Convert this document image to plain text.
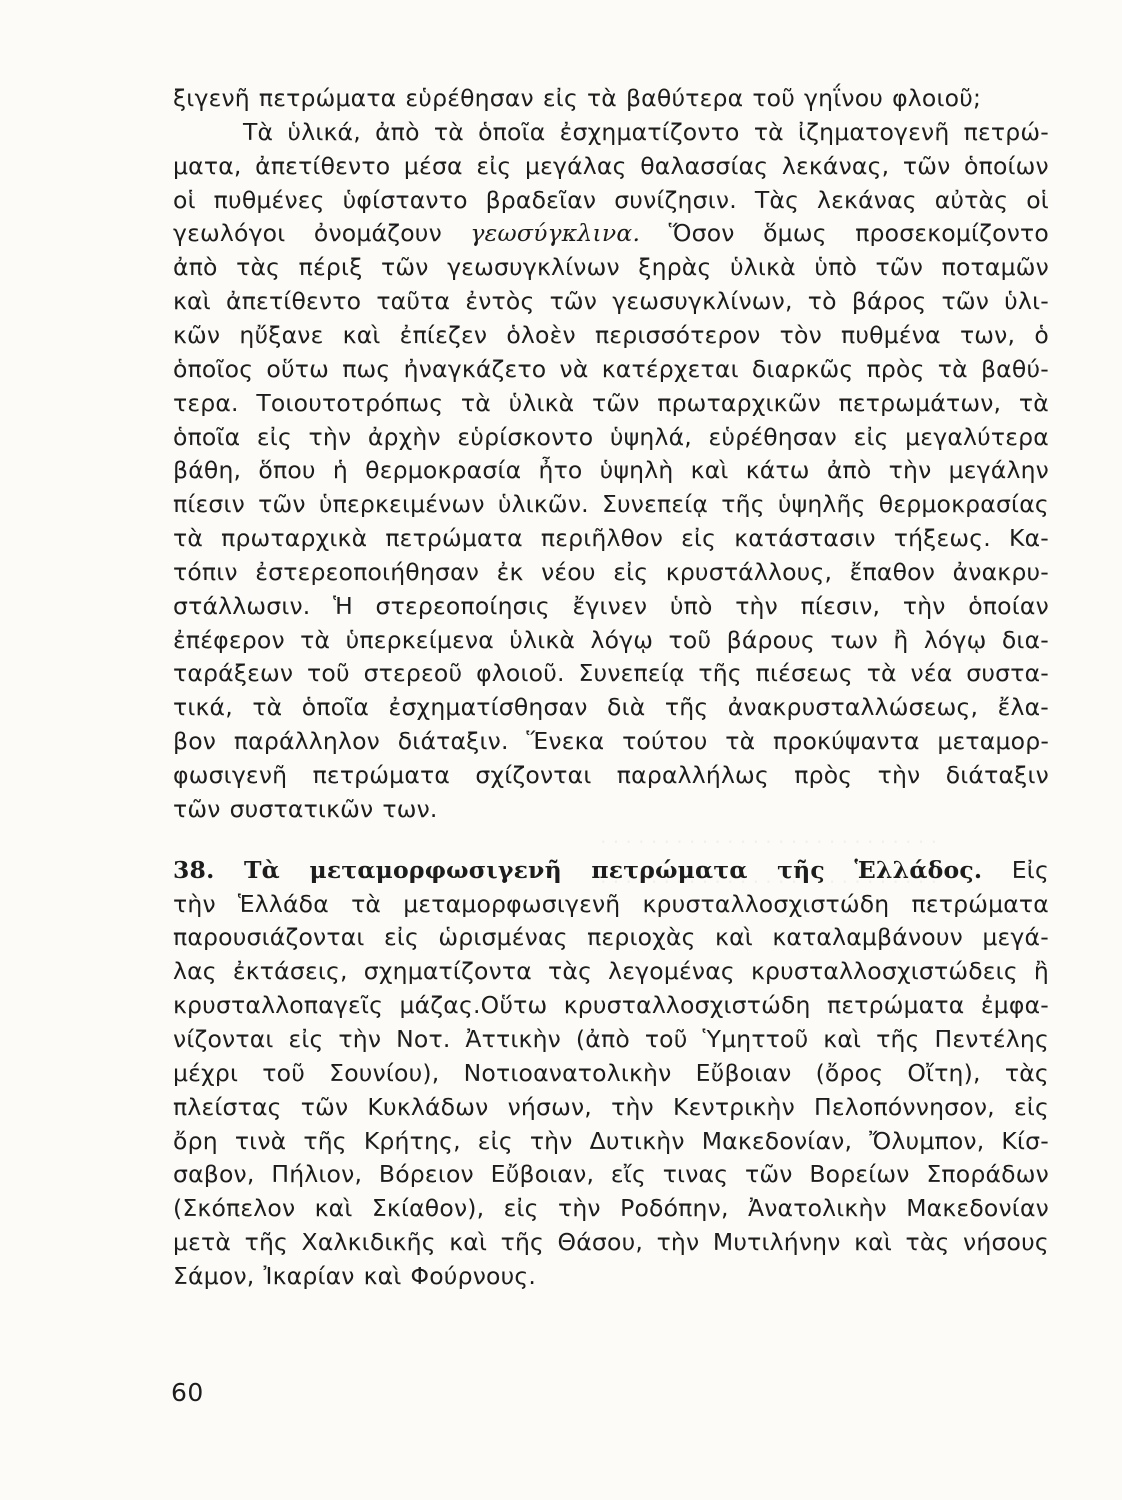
ξιγενῆ πετρώματα εὑρέθησαν εἰς τὰ βαθύτερα τοῦ γηΐνου φλοιοῦ;
Τὰ ὑλικά, ἀπὸ τὰ ὁποῖα ἐσχηματίζοντο τὰ ἰζηματογενῆ πετρώ-
ματα, ἀπετίθεντο μέσα εἰς μεγάλας θαλασσίας λεκάνας, τῶν ὁποίων
οἱ πυθμένες ὑφίσταντο βραδεῖαν συνίζησιν. Τὰς λεκάνας αὐτὰς οἱ
γεωλόγοι ὀνομάζουν γεωσύγκλινα. Ὅσον ὅμως προσεκομίζοντο
ἀπὸ τὰς πέριξ τῶν γεωσυγκλίνων ξηρὰς ὑλικὰ ὑπὸ τῶν ποταμῶν
καὶ ἀπετίθεντο ταῦτα ἐντὸς τῶν γεωσυγκλίνων, τὸ βάρος τῶν ὑλι-
κῶν ηὔξανε καὶ ἐπίεζεν ὁλοὲν περισσότερον τὸν πυθμένα των, ὁ
ὁποῖος οὕτω πως ἠναγκάζετο νὰ κατέρχεται διαρκῶς πρὸς τὰ βαθύ-
τερα. Τοιουτοτρόπως τὰ ὑλικὰ τῶν πρωταρχικῶν πετρωμάτων, τὰ
ὁποῖα εἰς τὴν ἀρχὴν εὑρίσκοντο ὑψηλά, εὑρέθησαν εἰς μεγαλύτερα
βάθη, ὅπου ἡ θερμοκρασία ἦτο ὑψηλὴ καὶ κάτω ἀπὸ τὴν μεγάλην
πίεσιν τῶν ὑπερκειμένων ὑλικῶν. Συνεπείᾳ τῆς ὑψηλῆς θερμοκρασίας
τὰ πρωταρχικὰ πετρώματα περιῆλθον εἰς κατάστασιν τήξεως. Κα-
τόπιν ἐστερεοποιήθησαν ἐκ νέου εἰς κρυστάλλους, ἔπαθον ἀνακρυ-
στάλλωσιν. Ἡ στερεοποίησις ἔγινεν ὑπὸ τὴν πίεσιν, τὴν ὁποίαν
ἐπέφερον τὰ ὑπερκείμενα ὑλικὰ λόγῳ τοῦ βάρους των ἢ λόγῳ δια-
ταράξεων τοῦ στερεοῦ φλοιοῦ. Συνεπείᾳ τῆς πιέσεως τὰ νέα συστα-
τικά, τὰ ὁποῖα ἐσχηματίσθησαν διὰ τῆς ἀνακρυσταλλώσεως, ἔλα-
βον παράλληλον διάταξιν. Ἕνεκα τούτου τὰ προκύψαντα μεταμορ-
φωσιγενῆ πετρώματα σχίζονται παραλλήλως πρὸς τὴν διάταξιν
τῶν συστατικῶν των.
38. Τὰ μεταμορφωσιγενῆ πετρώματα τῆς Ἑλλάδος. Εἰς
τὴν Ἑλλάδα τὰ μεταμορφωσιγενῆ κρυσταλλοσχιστώδη πετρώματα
παρουσιάζονται εἰς ὡρισμένας περιοχὰς καὶ καταλαμβάνουν μεγά-
λας ἐκτάσεις, σχηματίζοντα τὰς λεγομένας κρυσταλλοσχιστώδεις ἢ
κρυσταλλοπαγεῖς μάζας.Οὕτω κρυσταλλοσχιστώδη πετρώματα ἐμφα-
νίζονται εἰς τὴν Νοτ. Ἀττικὴν (ἀπὸ τοῦ Ὑμηττοῦ καὶ τῆς Πεντέλης
μέχρι τοῦ Σουνίου), Νοτιοανατολικὴν Εὔβοιαν (ὄρος Οἴτη), τὰς
πλείστας τῶν Κυκλάδων νήσων, τὴν Κεντρικὴν Πελοπόννησον, εἰς
ὄρη τινὰ τῆς Κρήτης, εἰς τὴν Δυτικὴν Μακεδονίαν, Ὄλυμπον, Κίσ-
σαβον, Πήλιον, Βόρειον Εὔβοιαν, εἴς τινας τῶν Βορείων Σποράδων
(Σκόπελον καὶ Σκίαθον), εἰς τὴν Ροδόπην, Ἀνατολικὴν Μακεδονίαν
μετὰ τῆς Χαλκιδικῆς καὶ τῆς Θάσου, τὴν Μυτιλήνην καὶ τὰς νήσους
Σάμον, Ἰκαρίαν καὶ Φούρνους.
60
